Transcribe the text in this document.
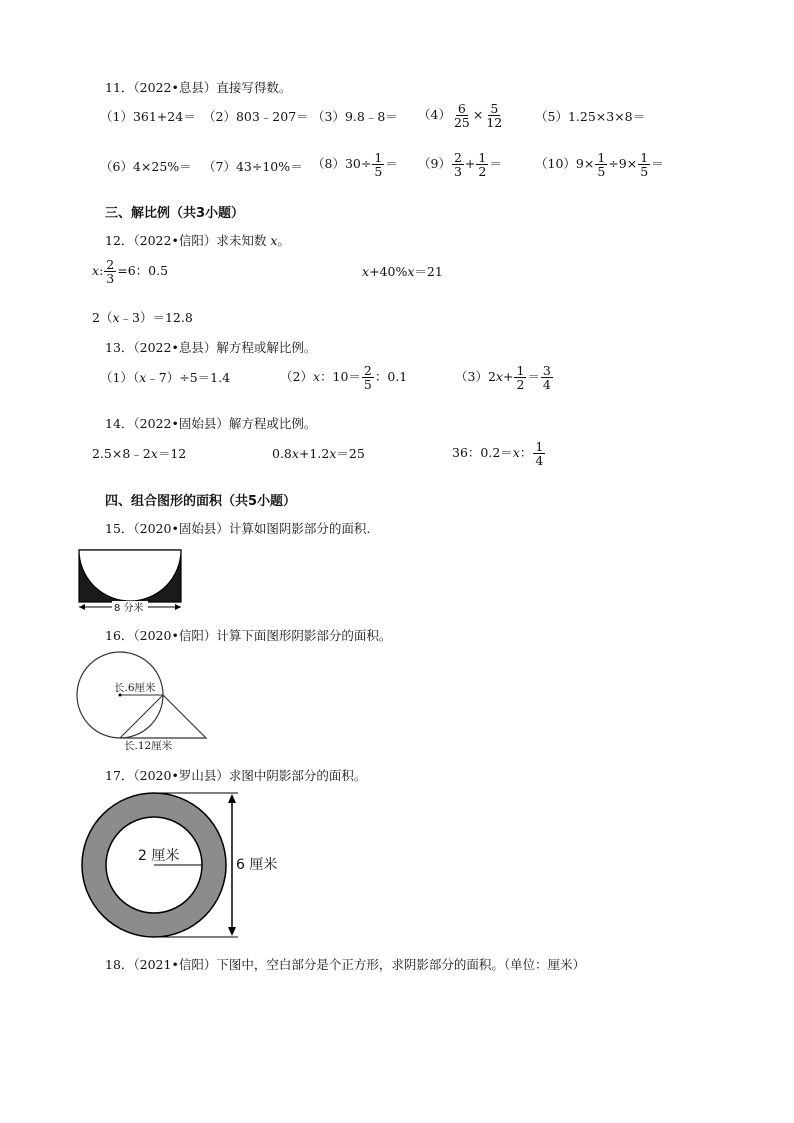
11．（2022•息县）直接写得数。
（1）361+24＝ （2）803﹣207＝ （3）9.8﹣8＝ $(4) \frac{6}{25} \times \frac{5}{12} (5)1.25\times 3\times 8=$
$(6)4\times 25\%= (7)43\div 10\%= (8)30\div \frac{1}{5} = (9) \frac{2}{3} + \frac{1}{2}$ ＝	$(10)9\times \frac{1}{5} \div 9\times \frac{1}{5}$ ＝
三、解比例（共3小题）
12．（2022•信阳）求未知数 x。
x: $\frac{2}{3} =6$：0.5	x+40%x＝21
2（x﹣3）＝12.8
13．（2022•息县）解方程或解比例。
（1）（x﹣7）÷5＝1.4	（2）x：$10= \frac{2}{5}$ ：0.1	$(3)2x+ \frac{1}{2} = \frac{3}{4}$
14．（2022•固始县）解方程或比例。
2.5×8﹣2x＝12	0.8x+1.2x＝25	36：0.2＝x： $\frac{1}{4}$
四、组合图形的面积（共5小题）
15．（2020•固始县）计算如图阴影部分的面积.
8 分米
16．（2020•信阳）计算下面图形阴影部分的面积。
长.6厘米
长.12厘米
17．（2020•罗山县）求图中阴影部分的面积。
2 厘米
6 厘米
18．（2021•信阳）下图中，空白部分是个正方形，求阴影部分的面积。（单位：厘米）
